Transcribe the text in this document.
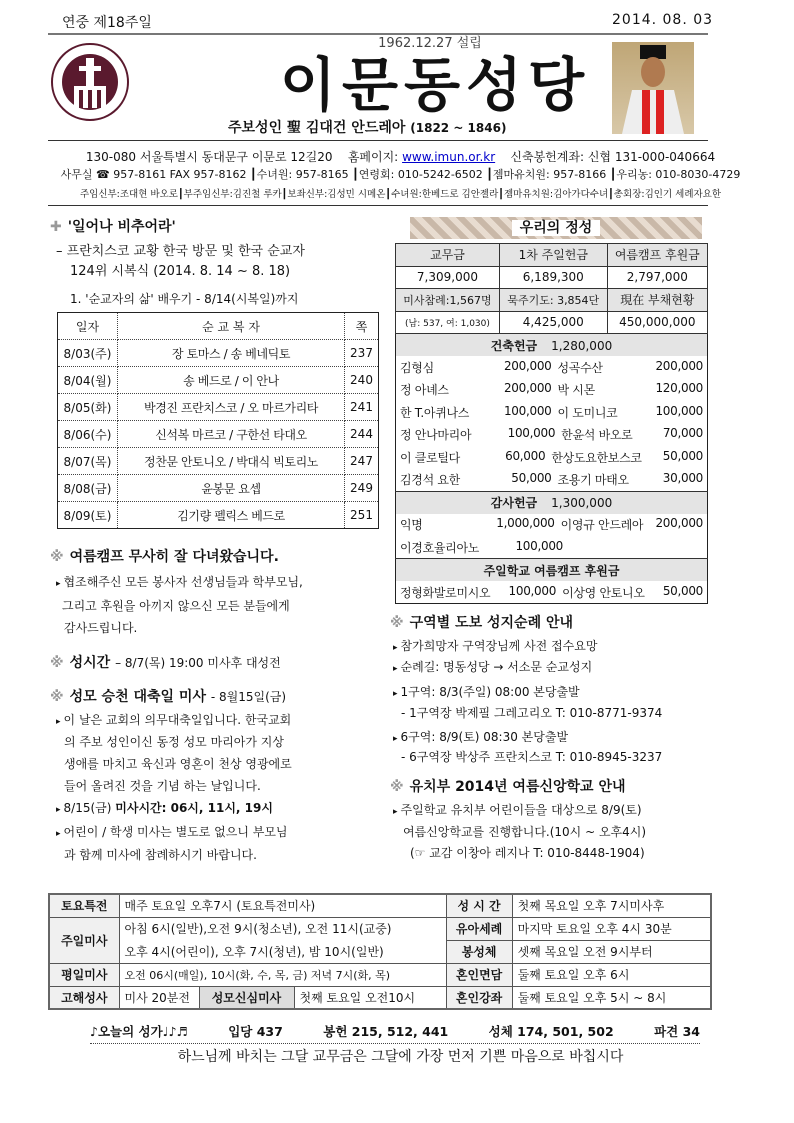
연중 제18주일	2014. 08. 03
1962.12.27 설립
이문동성당
주보성인 聖 김대건 안드레아 (1822 ~ 1846)
130-080 서울특별시 동대문구 이문로 12길20 홈페이지: www.imun.or.kr 신축봉헌계좌: 신협 131-000-040664
사무실 ☎ 957-8161 FAX 957-8162 ┃수녀원: 957-8165 ┃연령회: 010-5242-6502 ┃젬마유치원: 957-8166 ┃우리농: 010-8030-4729
주임신부:조대현 바오로┃부주임신부:김진철 루카┃보좌신부:김성민 시메온┃수녀원:한베드로 김안젤라┃젬마유치원:김아가다수녀┃총회장:김인기 세례자요한
✚ '일어나 비추어라'
– 프란치스코 교황 한국 방문 및 한국 순교자
124위 시복식 (2014. 8. 14 ~ 8. 18)
1. '순교자의 삶' 배우기 - 8/14(시복일)까지
일자	순 교 복 자	쪽
8/03(주)	장 토마스 / 송 베네딕토	237
8/04(월)	송 베드로 / 이 안나	240
8/05(화)	박경진 프란치스코 / 오 마르가리타	241
8/06(수)	신석복 마르코 / 구한선 타대오	244
8/07(목)	정찬문 안토니오 / 박대식 빅토리노	247
8/08(금)	윤봉문 요셉	249
8/09(토)	김기량 펠릭스 베드로	251
※ 여름캠프 무사히 잘 다녀왔습니다.
▸ 협조해주신 모든 봉사자 선생님들과 학부모님,
그리고 후원을 아끼지 않으신 모든 분들에게
감사드립니다.
※ 성시간 – 8/7(목) 19:00 미사후 대성전
※ 성모 승천 대축일 미사 - 8월15일(금)
▸ 이 날은 교회의 의무대축일입니다. 한국교회
의 주보 성인이신 동정 성모 마리아가 지상
생애를 마치고 육신과 영혼이 천상 영광에로
들어 올려진 것을 기념 하는 날입니다.
▸ 8/15(금) 미사시간: 06시, 11시, 19시
▸ 어린이 / 학생 미사는 별도로 없으니 부모님
과 함께 미사에 참례하시기 바랍니다.
우리의 정성
교무금	1차 주일헌금	여름캠프 후원금
7,309,000	6,189,300	2,797,000
미사참례:1,567명	묵주기도: 3,854단	現在 부채현황
(남: 537, 여: 1,030)	4,425,000	450,000,000
건축헌금 1,280,000		

김형심 200,000 성곡수산 200,000		

정 아녜스 200,000 박 시몬 120,000		

한 T.아퀴나스 100,000 이 도미니코 100,000		

정 안나마리아 100,000 한윤석 바오로 70,000		

이 클로틸다 60,000 한상도요한보스코 50,000		

김경석 요한 50,000 조용기 마태오 30,000		

감사헌금 1,300,000		

익명 1,000,000 이영규 안드레아 200,000		

이경호율리아노 100,000		

주일학교 여름캠프 후원금		

정형화발로미시오 100,000 이상영 안토니오 50,000		
※ 구역별 도보 성지순례 안내
▸ 참가희망자 구역장님께 사전 접수요망
▸ 순례길: 명동성당 → 서소문 순교성지
▸ 1구역: 8/3(주일) 08:00 본당출발
- 1구역장 박제필 그레고리오 T: 010-8771-9374
▸ 6구역: 8/9(토) 08:30 본당출발
- 6구역장 박상주 프란치스코 T: 010-8945-3237
※ 유치부 2014년 여름신앙학교 안내
▸ 주일학교 유치부 어린이들을 대상으로 8/9(토)
여름신앙학교를 진행합니다.(10시 ~ 오후4시)
(☞ 교감 이창아 레지나 T: 010-8448-1904)
토요특전	매주 토요일 오후7시 (토요특전미사)			성 시 간	첫째 목요일 오후 7시미사후
주일미사	아침 6시(일반),오전 9시(청소년), 오전 11시(교중)			유아세례	마지막 토요일 오후 4시 30분
	오후 4시(어린이), 오후 7시(청년), 밤 10시(일반)			봉성체	셋째 목요일 오전 9시부터
평일미사	오전 06시(매일), 10시(화, 수, 목, 금) 저녁 7시(화, 목)			혼인면담	둘째 토요일 오후 6시
고해성사	미사 20분전	성모신심미사	첫째 토요일 오전10시	혼인강좌	둘째 토요일 오후 5시 ~ 8시
♪오늘의 성가♩♪♬	입당 437	봉헌 215, 512, 441	성체 174, 501, 502	파견 34
하느님께 바치는 그달 교무금은 그달에 가장 먼저 기쁜 마음으로 바칩시다
